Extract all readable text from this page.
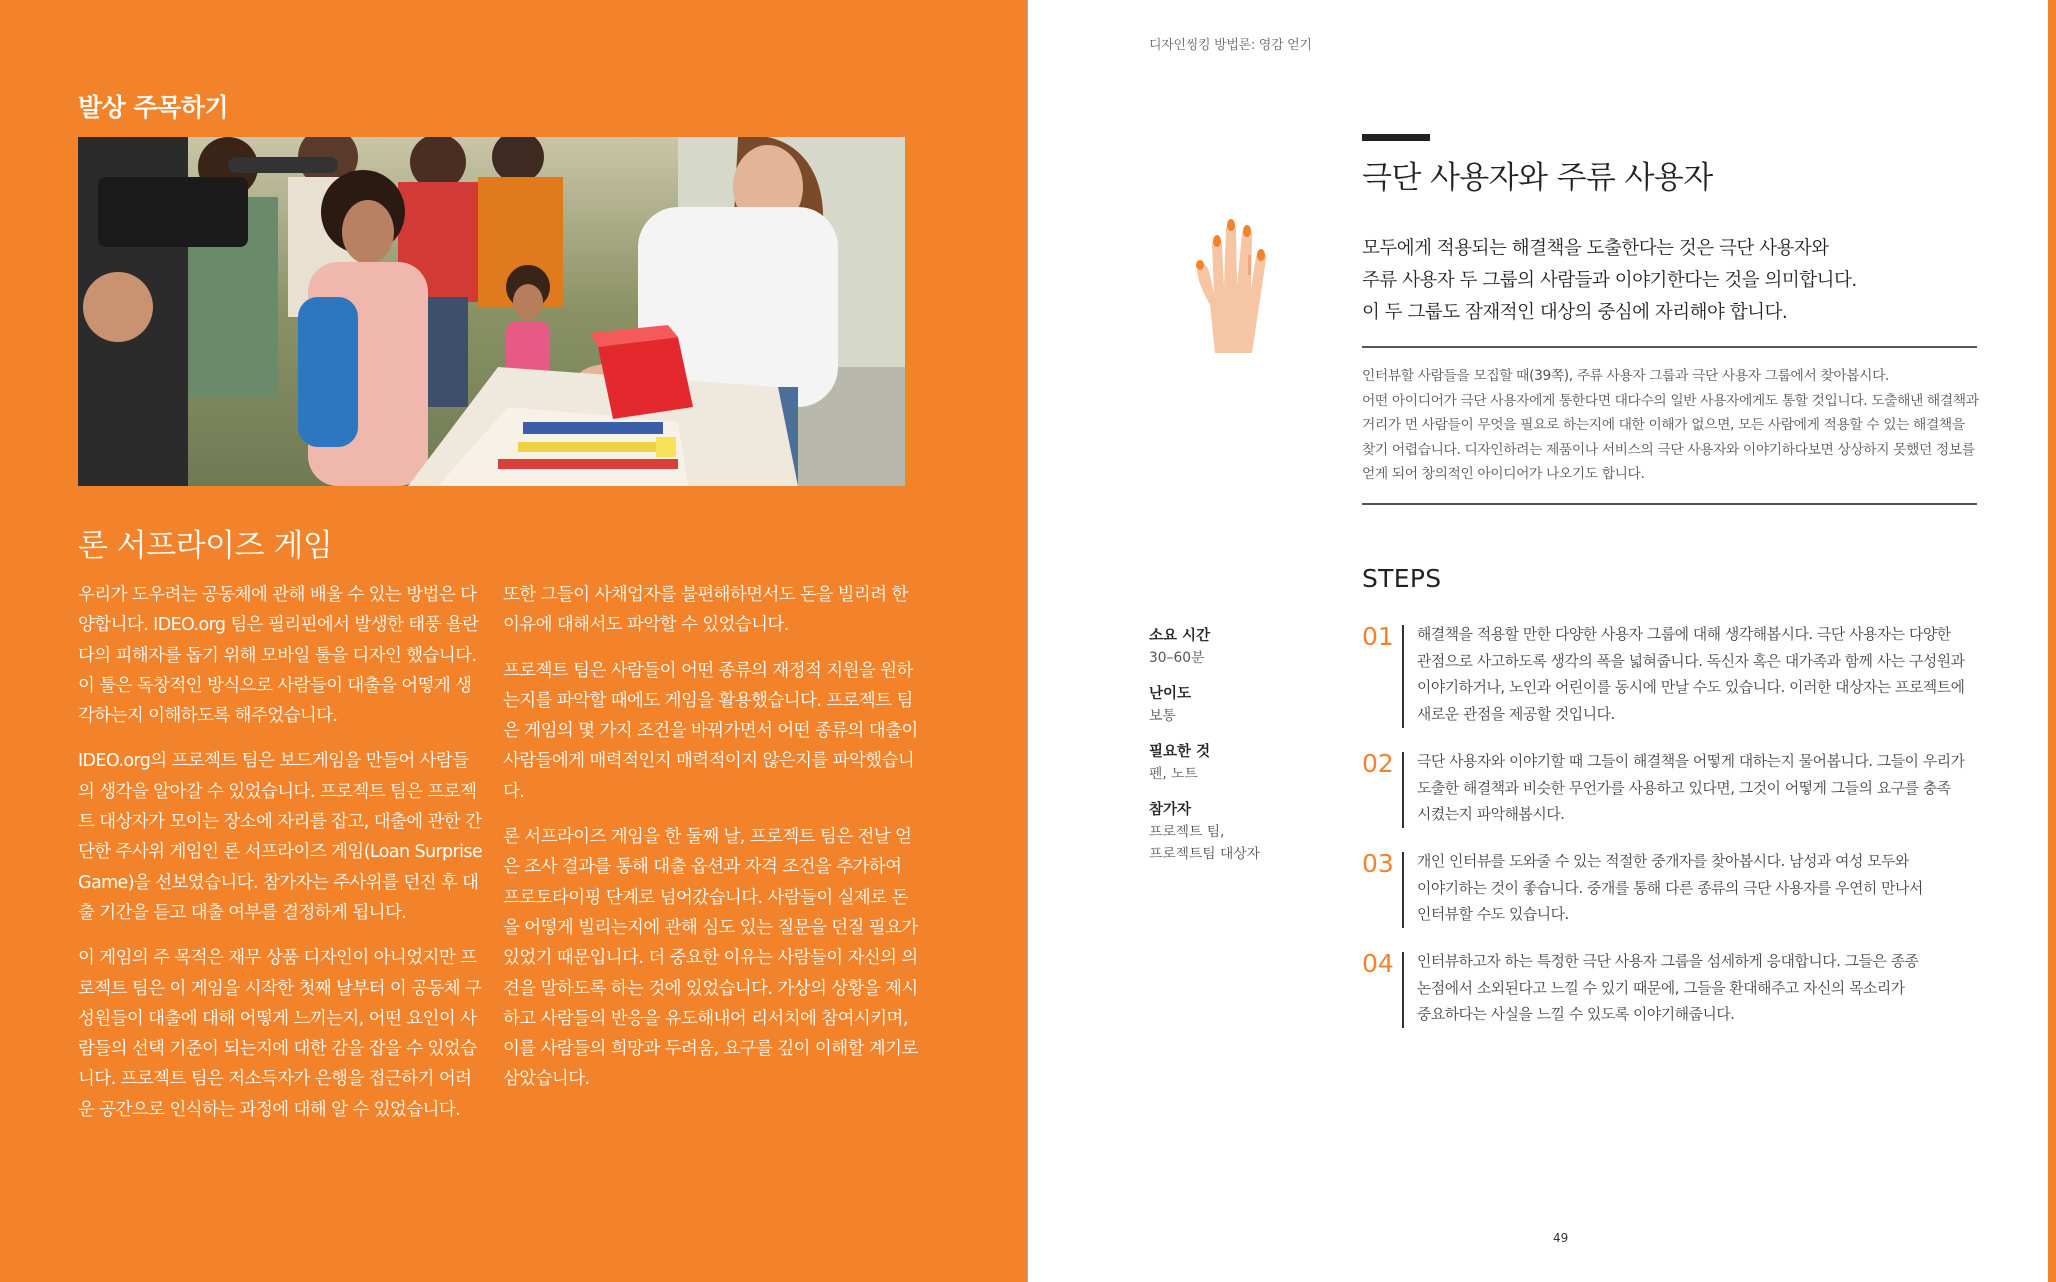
발상 주목하기
론 서프라이즈 게임

우리가 도우려는 공동체에 관해 배울 수 있는 방법은 다양합니다. IDEO.org 팀은 필리핀에서 발생한 태풍 욜란다의 피해자를 돕기 위해 모바일 툴을 디자인 했습니다. 이 툴은 독창적인 방식으로 사람들이 대출을 어떻게 생각하는지 이해하도록 해주었습니다.

IDEO.org의 프로젝트 팀은 보드게임을 만들어 사람들의 생각을 알아갈 수 있었습니다. 프로젝트 팀은 프로젝트 대상자가 모이는 장소에 자리를 잡고, 대출에 관한 간단한 주사위 게임인 론 서프라이즈 게임(Loan Surprise Game)을 선보였습니다. 참가자는 주사위를 던진 후 대출 기간을 듣고 대출 여부를 결정하게 됩니다.

이 게임의 주 목적은 재무 상품 디자인이 아니었지만 프로젝트 팀은 이 게임을 시작한 첫째 날부터 이 공동체 구성원들이 대출에 대해 어떻게 느끼는지, 어떤 요인이 사람들의 선택 기준이 되는지에 대한 감을 잡을 수 있었습니다. 프로젝트 팀은 저소득자가 은행을 접근하기 어려운 공간으로 인식하는 과정에 대해 알 수 있었습니다.

또한 그들이 사채업자를 불편해하면서도 돈을 빌리려 한 이유에 대해서도 파악할 수 있었습니다.

프로젝트 팀은 사람들이 어떤 종류의 재정적 지원을 원하는지를 파악할 때에도 게임을 활용했습니다. 프로젝트 팀은 게임의 몇 가지 조건을 바꿔가면서 어떤 종류의 대출이 사람들에게 매력적인지 매력적이지 않은지를 파악했습니다.

론 서프라이즈 게임을 한 둘째 날, 프로젝트 팀은 전날 얻은 조사 결과를 통해 대출 옵션과 자격 조건을 추가하여 프로토타이핑 단계로 넘어갔습니다. 사람들이 실제로 돈을 어떻게 빌리는지에 관해 심도 있는 질문을 던질 필요가 있었기 때문입니다. 더 중요한 이유는 사람들이 자신의 의견을 말하도록 하는 것에 있었습니다. 가상의 상황을 제시하고 사람들의 반응을 유도해내어 리서치에 참여시키며, 이를 사람들의 희망과 두려움, 요구를 깊이 이해할 계기로 삼았습니다.

디자인씽킹 방법론: 영감 얻기
극단 사용자와 주류 사용자
모두에게 적용되는 해결책을 도출한다는 것은 극단 사용자와
주류 사용자 두 그룹의 사람들과 이야기한다는 것을 의미합니다.
이 두 그룹도 잠재적인 대상의 중심에 자리해야 합니다.
인터뷰할 사람들을 모집할 때(39쪽), 주류 사용자 그룹과 극단 사용자 그룹에서 찾아봅시다.
어떤 아이디어가 극단 사용자에게 통한다면 대다수의 일반 사용자에게도 통할 것입니다. 도출해낸 해결책과
거리가 먼 사람들이 무엇을 필요로 하는지에 대한 이해가 없으면, 모든 사람에게 적용할 수 있는 해결책을
찾기 어렵습니다. 디자인하려는 제품이나 서비스의 극단 사용자와 이야기하다보면 상상하지 못했던 정보를
얻게 되어 창의적인 아이디어가 나오기도 합니다.
STEPS
소요 시간
30–60분
난이도
보통
필요한 것
펜, 노트
참가자
프로젝트 팀,
프로젝트팀 대상자
01 해결책을 적용할 만한 다양한 사용자 그룹에 대해 생각해봅시다. 극단 사용자는 다양한
관점으로 사고하도록 생각의 폭을 넓혀줍니다. 독신자 혹은 대가족과 함께 사는 구성원과
이야기하거나, 노인과 어린이를 동시에 만날 수도 있습니다. 이러한 대상자는 프로젝트에
새로운 관점을 제공할 것입니다.
02 극단 사용자와 이야기할 때 그들이 해결책을 어떻게 대하는지 물어봅니다. 그들이 우리가
도출한 해결책과 비슷한 무언가를 사용하고 있다면, 그것이 어떻게 그들의 요구를 충족
시켰는지 파악해봅시다.
03 개인 인터뷰를 도와줄 수 있는 적절한 중개자를 찾아봅시다. 남성과 여성 모두와
이야기하는 것이 좋습니다. 중개를 통해 다른 종류의 극단 사용자를 우연히 만나서
인터뷰할 수도 있습니다.
04 인터뷰하고자 하는 특정한 극단 사용자 그룹을 섬세하게 응대합니다. 그들은 종종
논점에서 소외된다고 느낄 수 있기 때문에, 그들을 환대해주고 자신의 목소리가
중요하다는 사실을 느낄 수 있도록 이야기해줍니다.
49
